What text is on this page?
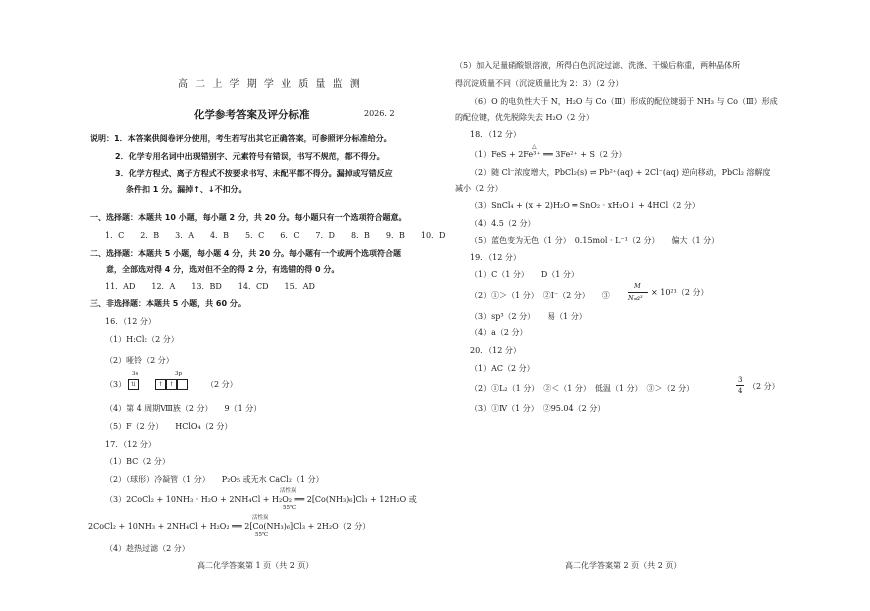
高 二 上 学 期 学 业 质 量 监 测
化学参考答案及评分标准	2026. 2
说明：1．本答案供阅卷评分使用，考生若写出其它正确答案，可参照评分标准给分。
2．化学专用名词中出现错别字、元素符号有错误，书写不规范，都不得分。
3．化学方程式、离子方程式不按要求书写、未配平都不得分。漏掉或写错反应
条件扣 1 分。漏掉↑、↓不扣分。
一、选择题：本题共 10 小题，每小题 2 分，共 20 分。每小题只有一个选项符合题意。
1．C　　2．B　　3．A　　4．B　　5．C　　6．C　　7．D　　8．B　　9．B　　10．D
二、选择题：本题共 5 小题，每小题 4 分，共 20 分。每小题有一个或两个选项符合题
意，全部选对得 4 分，选对但不全的得 2 分，有选错的得 0 分。
11．AD　　12．A　　13．BD　　14．CD　　15．AD
三、非选择题：本题共 5 小题，共 60 分。
16．（12 分）
（1）H:Cl:（2 分）
（2）哑铃（2 分）
（3）
3s	3p
⇅	↑ ↑	（2 分）
（4）第 4 周期Ⅷ族（2 分）　　9（1 分）
（5）F（2 分）　　HClO₄（2 分）
17．（12 分）
（1）BC（2 分）
（2）（球形）冷凝管（1 分）　　P₂O₅ 或无水 CaCl₂（1 分）
活性炭
（3）2CoCl₂ + 10NH₃ · H₂O + 2NH₄Cl + H₂O₂ ══ 2[Co(NH₃)₆]Cl₃ + 12H₂O 或
55℃
活性炭
2CoCl₂ + 10NH₃ + 2NH₄Cl + H₂O₂ ══ 2[Co(NH₃)₆]Cl₃ + 2H₂O（2 分）
55℃
（4）趁热过滤（2 分）
高二化学答案第 1 页（共 2 页）
（5）加入足量硝酸银溶液，所得白色沉淀过滤、洗涤、干燥后称重，两种晶体所
得沉淀质量不同（沉淀质量比为 2：3）（2 分）
（6）O 的电负性大于 N，H₂O 与 Co（Ⅲ）形成的配位键弱于 NH₃ 与 Co（Ⅲ）形成
的配位键，优先脱除失去 H₂O（2 分）
18．（12 分）
△
（1）FeS + 2Fe³⁺ ══ 3Fe²⁺ + S（2 分）
（2）随 Cl⁻浓度增大，PbCl₂(s) ⇌ Pb²⁺(aq) + 2Cl⁻(aq) 逆向移动，PbCl₂ 溶解度
减小（2 分）
（3）SnCl₄ + (x + 2)H₂O ═ SnO₂ · xH₂O↓ + 4HCl（2 分）
（4）4.5（2 分）
（5）蓝色变为无色（1 分）　0.15mol · L⁻¹（2 分）　　偏大（1 分）
19．（12 分）
（1）C（1 分）　　D（1 分）
（2）①＞（1 分）　②I⁻（2 分）　　③
M
Nₐa³
× 10²¹（2 分）
（3）sp³（2 分）　　易（1 分）
（4）a（2 分）
20．（12 分）
（1）AC（2 分）
（2）①L₂（1 分）　②＜（1 分）　低温（1 分）　③＞（2 分）
3
4 （2 分）
（3）①Ⅳ（1 分）　②95.04（2 分）
高二化学答案第 2 页（共 2 页）
